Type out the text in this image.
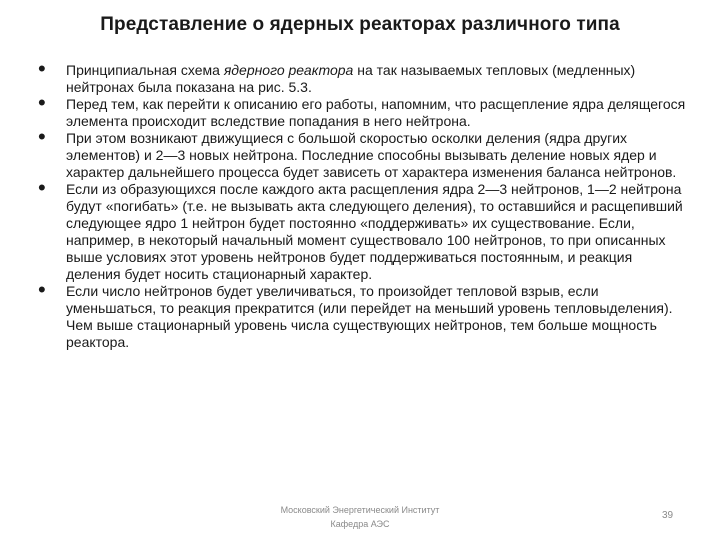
Представление о ядерных реакторах различного типа
• Принципиальная схема ядерного реактора на так называемых тепловых (медленных) нейтронах была показана на рис. 5.3.
• Перед тем, как перейти к описанию его работы, напомним, что расщепление ядра делящегося элемента происходит вследствие попадания в него нейтрона.
• При этом возникают движущиеся с большой скоростью осколки деления (ядра других элементов) и 2—3 новых нейтрона. Последние способны вызывать деление новых ядер и характер дальнейшего процесса будет зависеть от характера изменения баланса нейтронов.
• Если из образующихся после каждого акта расщепления ядра 2—3 нейтронов, 1—2 нейтрона будут «погибать» (т.е. не вызывать акта следующего деления), то оставшийся и расщепивший следующее ядро 1 нейтрон будет постоянно «поддерживать» их существование. Если, например, в некоторый начальный момент существовало 100 нейтронов, то при описанных выше условиях этот уровень нейтронов будет поддерживаться постоянным, и реакция деления будет носить стационарный характер.
• Если число нейтронов будет увеличиваться, то произойдет тепловой взрыв, если уменьшаться, то реакция прекратится (или перейдет на меньший уровень тепловыделения). Чем выше стационарный уровень числа существующих нейтронов, тем больше мощность реактора.
Московский Энергетический Институт
Кафедра АЭС
39
